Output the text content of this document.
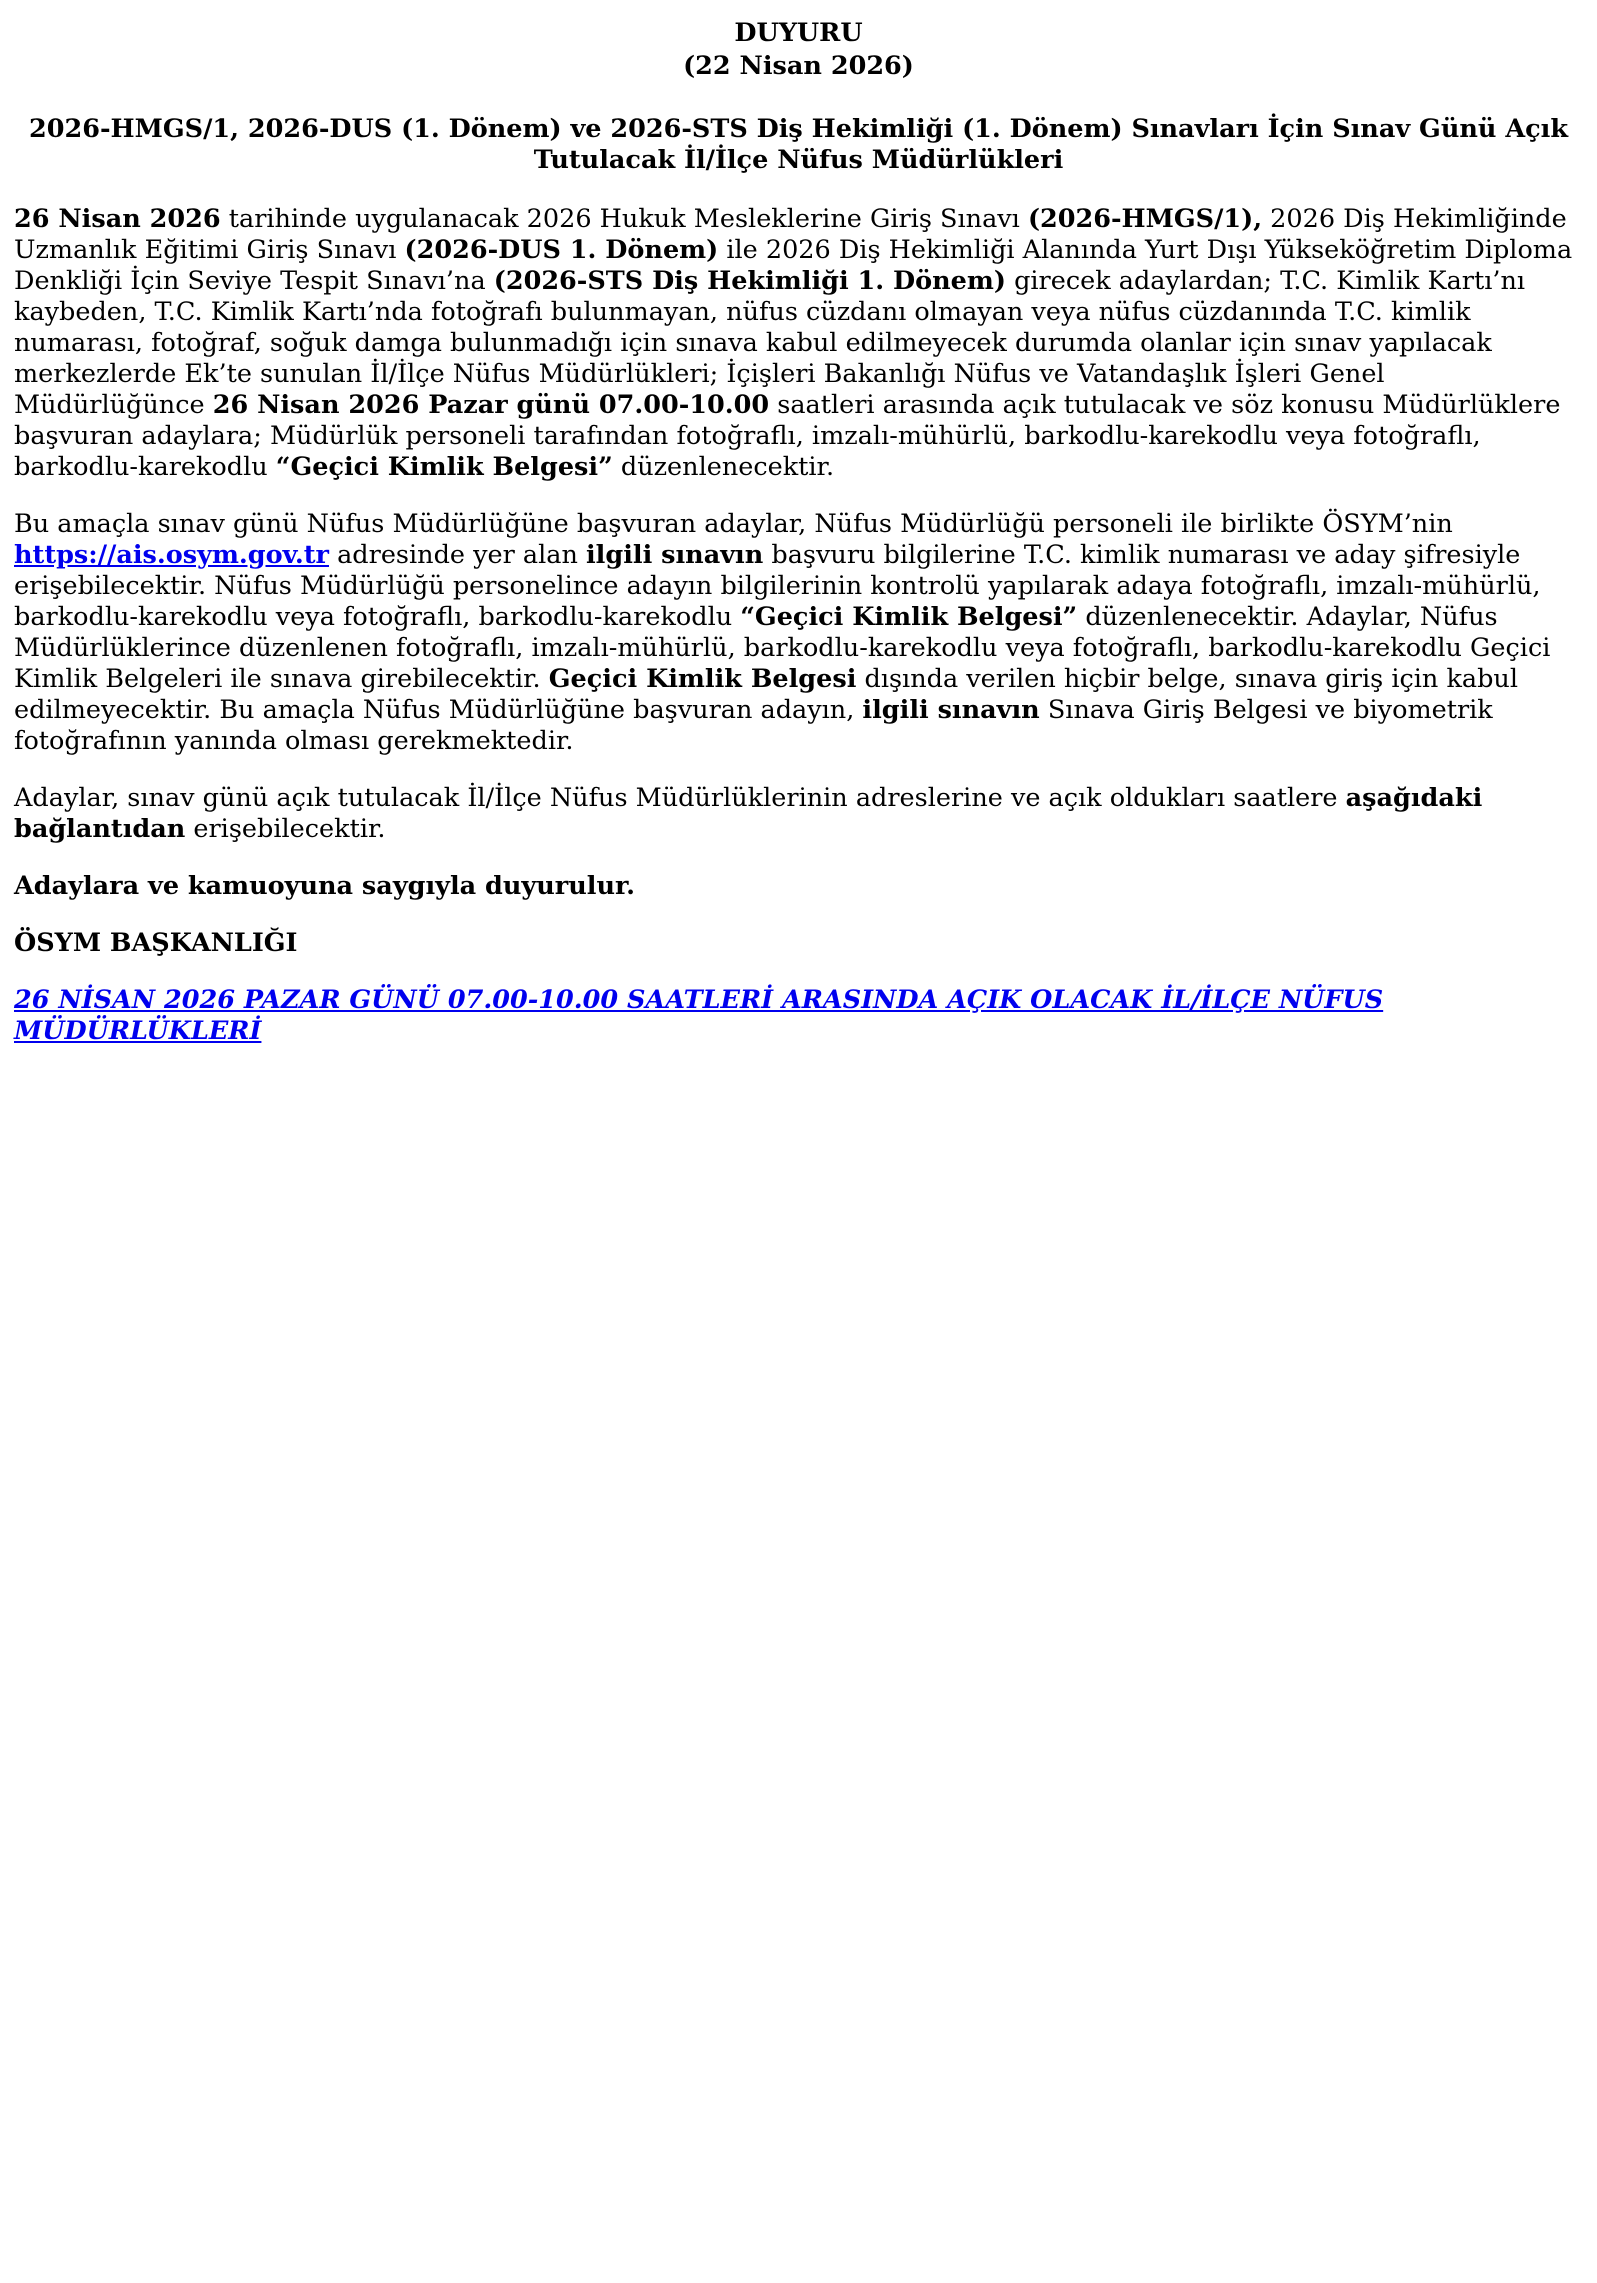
DUYURU

(22 Nisan 2026)

2026-HMGS/1, 2026-DUS (1. Dönem) ve 2026-STS Diş Hekimliği (1. Dönem) Sınavları İçin Sınav Günü Açık Tutulacak İl/İlçe Nüfus Müdürlükleri

26 Nisan 2026 tarihinde uygulanacak 2026 Hukuk Mesleklerine Giriş Sınavı (2026-HMGS/1), 2026 Diş Hekimliğinde Uzmanlık Eğitimi Giriş Sınavı (2026-DUS 1. Dönem) ile 2026 Diş Hekimliği Alanında Yurt Dışı Yükseköğretim Diploma Denkliği İçin Seviye Tespit Sınavı’na (2026-STS Diş Hekimliği 1. Dönem) girecek adaylardan; T.C. Kimlik Kartı’nı kaybeden, T.C. Kimlik Kartı’nda fotoğrafı bulunmayan, nüfus cüzdanı olmayan veya nüfus cüzdanında T.C. kimlik numarası, fotoğraf, soğuk damga bulunmadığı için sınava kabul edilmeyecek durumda olanlar için sınav yapılacak merkezlerde Ek’te sunulan İl/İlçe Nüfus Müdürlükleri; İçişleri Bakanlığı Nüfus ve Vatandaşlık İşleri Genel Müdürlüğünce 26 Nisan 2026 Pazar günü 07.00-10.00 saatleri arasında açık tutulacak ve söz konusu Müdürlüklere başvuran adaylara; Müdürlük personeli tarafından fotoğraflı, imzalı-mühürlü, barkodlu-karekodlu veya fotoğraflı, barkodlu-karekodlu “Geçici Kimlik Belgesi” düzenlenecektir.

Bu amaçla sınav günü Nüfus Müdürlüğüne başvuran adaylar, Nüfus Müdürlüğü personeli ile birlikte ÖSYM’nin https://ais.osym.gov.tr adresinde yer alan ilgili sınavın başvuru bilgilerine T.C. kimlik numarası ve aday şifresiyle erişebilecektir. Nüfus Müdürlüğü personelince adayın bilgilerinin kontrolü yapılarak adaya fotoğraflı, imzalı-mühürlü, barkodlu-karekodlu veya fotoğraflı, barkodlu-karekodlu “Geçici Kimlik Belgesi” düzenlenecektir. Adaylar, Nüfus Müdürlüklerince düzenlenen fotoğraflı, imzalı-mühürlü, barkodlu-karekodlu veya fotoğraflı, barkodlu-karekodlu Geçici Kimlik Belgeleri ile sınava girebilecektir. Geçici Kimlik Belgesi dışında verilen hiçbir belge, sınava giriş için kabul edilmeyecektir. Bu amaçla Nüfus Müdürlüğüne başvuran adayın, ilgili sınavın Sınava Giriş Belgesi ve biyometrik fotoğrafının yanında olması gerekmektedir.

Adaylar, sınav günü açık tutulacak İl/İlçe Nüfus Müdürlüklerinin adreslerine ve açık oldukları saatlere aşağıdaki bağlantıdan erişebilecektir.

Adaylara ve kamuoyuna saygıyla duyurulur.

ÖSYM BAŞKANLIĞI

26 NİSAN 2026 PAZAR GÜNÜ 07.00-10.00 SAATLERİ ARASINDA AÇIK OLACAK İL/İLÇE NÜFUS MÜDÜRLÜKLERİ
